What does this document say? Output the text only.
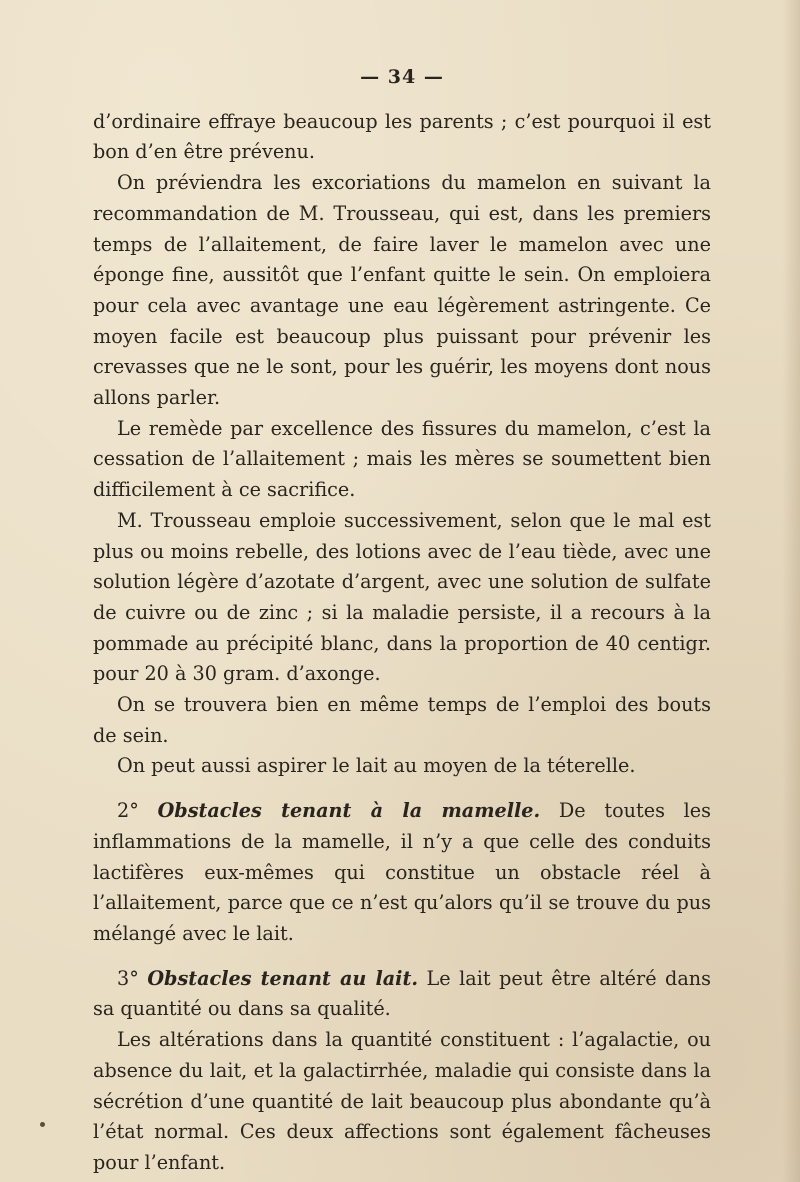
— 34 —

d’ordinaire effraye beaucoup les parents ; c’est pourquoi il est bon d’en être prévenu.

On préviendra les excoriations du mamelon en suivant la recommandation de M. Trousseau, qui est, dans les premiers temps de l’allaitement, de faire laver le mamelon avec une éponge fine, aussitôt que l’enfant quitte le sein. On emploiera pour cela avec avantage une eau légèrement astringente. Ce moyen facile est beaucoup plus puissant pour prévenir les crevasses que ne le sont, pour les guérir, les moyens dont nous allons parler.

Le remède par excellence des fissures du mamelon, c’est la cessation de l’allaitement ; mais les mères se soumettent bien difficilement à ce sacrifice.

M. Trousseau emploie successivement, selon que le mal est plus ou moins rebelle, des lotions avec de l’eau tiède, avec une solution légère d’azotate d’argent, avec une solution de sulfate de cuivre ou de zinc ; si la maladie persiste, il a recours à la pommade au précipité blanc, dans la proportion de 40 centigr. pour 20 à 30 gram. d’axonge.

On se trouvera bien en même temps de l’emploi des bouts de sein.

On peut aussi aspirer le lait au moyen de la téterelle.

2° Obstacles tenant à la mamelle. De toutes les inflammations de la mamelle, il n’y a que celle des conduits lactifères eux-mêmes qui constitue un obstacle réel à l’allaitement, parce que ce n’est qu’alors qu’il se trouve du pus mélangé avec le lait.

3° Obstacles tenant au lait. Le lait peut être altéré dans sa quantité ou dans sa qualité.

Les altérations dans la quantité constituent : l’agalactie, ou absence du lait, et la galactirrhée, maladie qui consiste dans la sécrétion d’une quantité de lait beaucoup plus abondante qu’à l’état normal. Ces deux affections sont également fâcheuses pour l’enfant.
